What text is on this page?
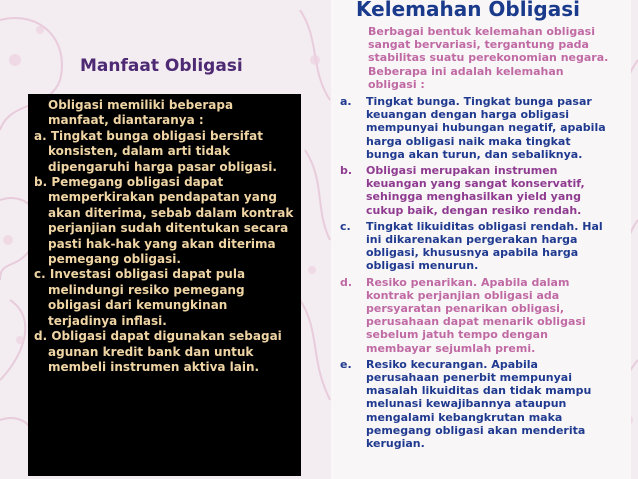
Manfaat Obligasi

Obligasi memiliki beberapa manfaat, diantaranya :

a. Tingkat bunga obligasi bersifat konsisten, dalam arti tidak dipengaruhi harga pasar obligasi.

b. Pemegang obligasi dapat memperkirakan pendapatan yang akan diterima, sebab dalam kontrak perjanjian sudah ditentukan secara pasti hak-hak yang akan diterima pemegang obligasi.

c. Investasi obligasi dapat pula melindungi resiko pemegang obligasi dari kemungkinan terjadinya inflasi.

d. Obligasi dapat digunakan sebagai agunan kredit bank dan untuk membeli instrumen aktiva lain.

Kelemahan Obligasi

Berbagai bentuk kelemahan obligasi sangat bervariasi, tergantung pada stabilitas suatu perekonomian negara. Beberapa ini adalah kelemahan obligasi :

a. Tingkat bunga. Tingkat bunga pasar keuangan dengan harga obligasi mempunyai hubungan negatif, apabila harga obligasi naik maka tingkat bunga akan turun, dan sebaliknya.

b. Obligasi merupakan instrumen keuangan yang sangat konservatif, sehingga menghasilkan yield yang cukup baik, dengan resiko rendah.

c. Tingkat likuiditas obligasi rendah. Hal ini dikarenakan pergerakan harga obligasi, khususnya apabila harga obligasi menurun.

d. Resiko penarikan. Apabila dalam kontrak perjanjian obligasi ada persyaratan penarikan obligasi, perusahaan dapat menarik obligasi sebelum jatuh tempo dengan membayar sejumlah premi.

e. Resiko kecurangan. Apabila perusahaan penerbit mempunyai masalah likuiditas dan tidak mampu melunasi kewajibannya ataupun mengalami kebangkrutan maka pemegang obligasi akan menderita kerugian.
